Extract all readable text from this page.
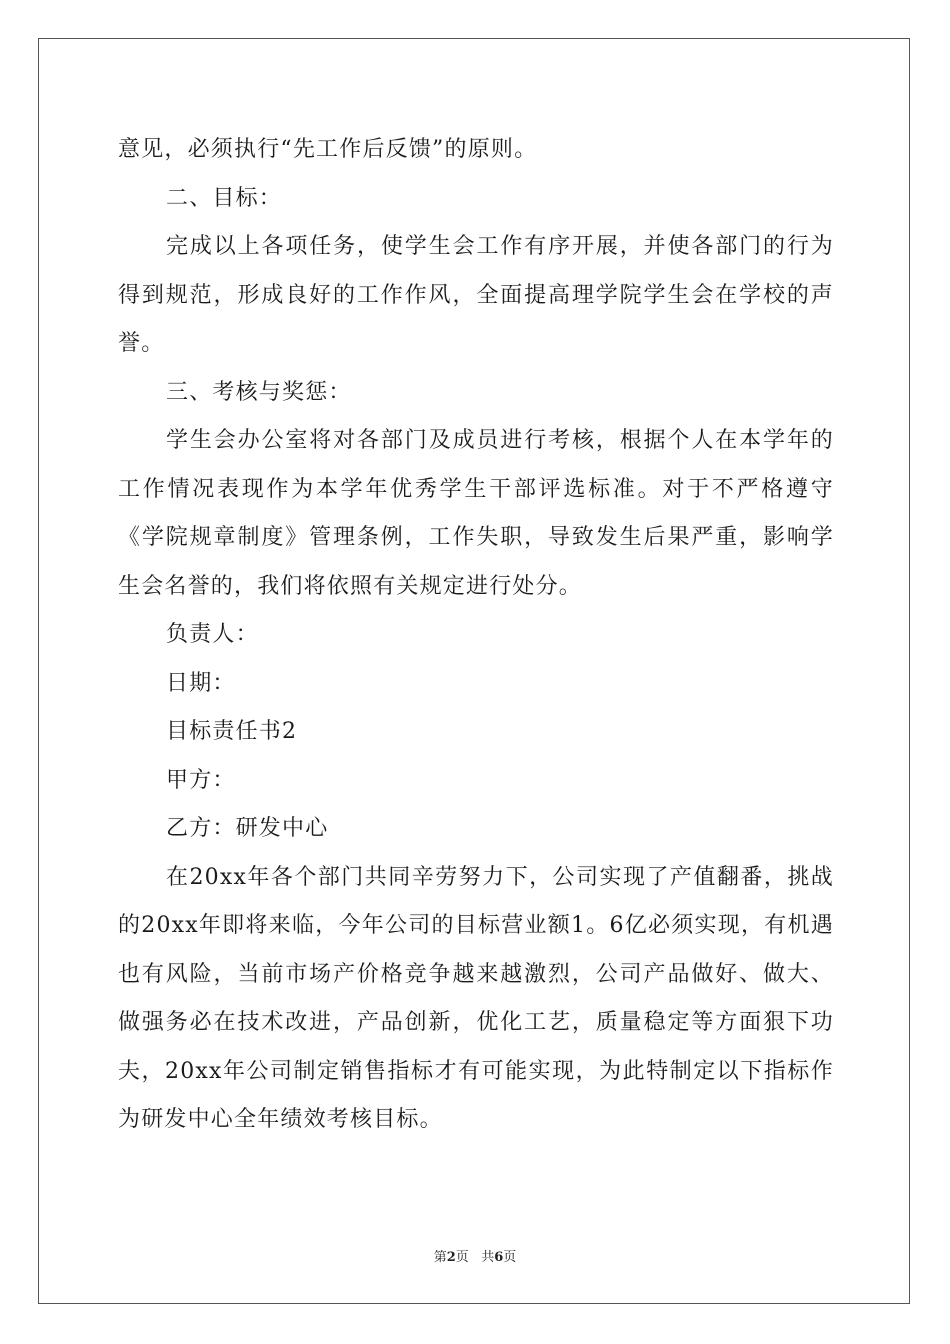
意见，必须执行“先工作后反馈”的原则。

二、目标：

完成以上各项任务，使学生会工作有序开展，并使各部门的行为得到规范，形成良好的工作作风，全面提高理学院学生会在学校的声誉。

三、考核与奖惩：

学生会办公室将对各部门及成员进行考核，根据个人在本学年的工作情况表现作为本学年优秀学生干部评选标准。对于不严格遵守《学院规章制度》管理条例，工作失职，导致发生后果严重，影响学生会名誉的，我们将依照有关规定进行处分。

负责人：

日期：

目标责任书2

甲方：

乙方：研发中心

在20xx年各个部门共同辛劳努力下，公司实现了产值翻番，挑战的20xx年即将来临，今年公司的目标营业额1。6亿必须实现，有机遇也有风险，当前市场产价格竞争越来越激烈，公司产品做好、做大、做强务必在技术改进，产品创新，优化工艺，质量稳定等方面狠下功夫，20xx年公司制定销售指标才有可能实现，为此特制定以下指标作为研发中心全年绩效考核目标。

第2页 共6页
